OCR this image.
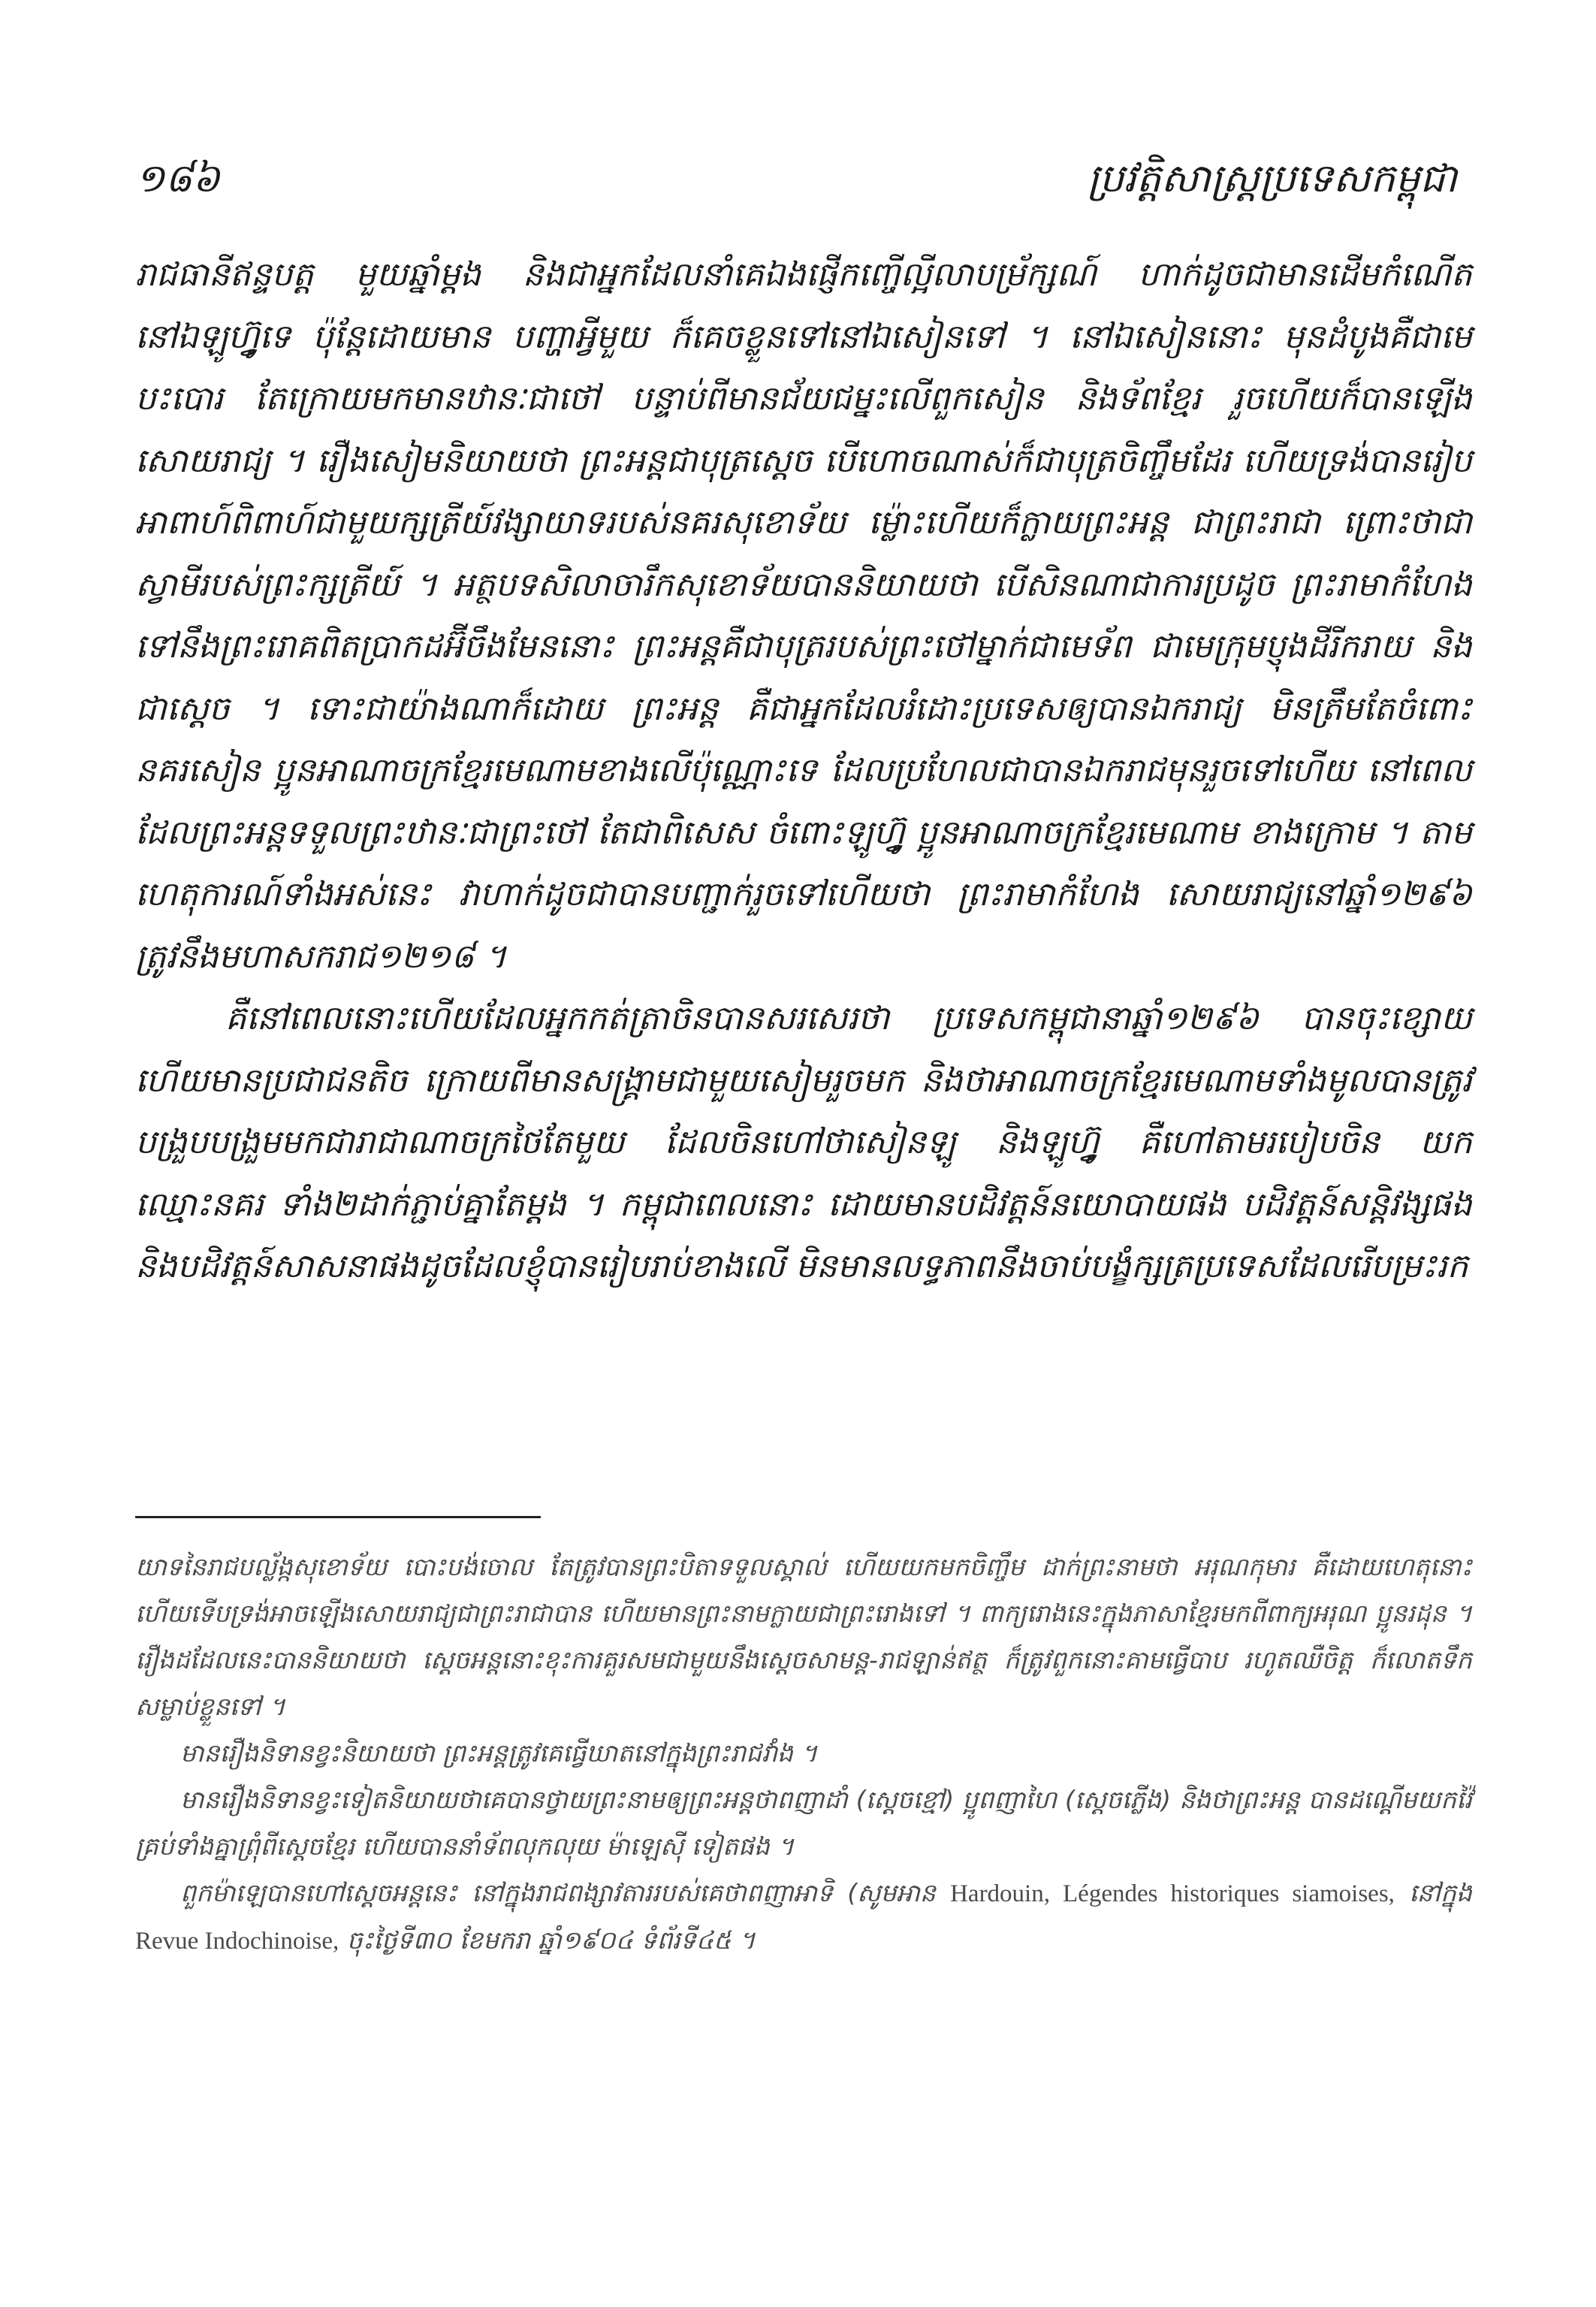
១៨៦	ប្រវត្តិសាស្ត្រប្រទេសកម្ពុជា

រាជធានីឥន្ទបត្ត មួយឆ្នាំម្តង និងជាអ្នកដែលនាំគេឯងផ្ញើកញ្ចើល្អីលាបម្រ័ក្សណ៍ ហាក់ដូចជាមានដើមកំណើតនៅឯឡូហ្វ៊ូទេ ប៉ុន្តែដោយមាន បញ្ហាអ្វីមួយ ក៏គេចខ្លួនទៅនៅឯសៀនទៅ ។ នៅឯសៀននោះ មុនដំបូងគឺជាមេបះបោរ តែក្រោយមកមានឋានៈជាថៅ បន្ទាប់ពីមានជ័យជម្នះលើពួកសៀន និងទ័ពខ្មែរ រួចហើយក៏បានឡើងសោយរាជ្យ ។ រឿងសៀមនិយាយថា ព្រះអន្តជាបុត្រស្តេច បើហោចណាស់ក៏ជាបុត្រចិញ្ចឹមដែរ ហើយទ្រង់បានរៀបអាពាហ៍ពិពាហ៍ជាមួយក្សត្រីយ៍វង្សាយាទរបស់នគរសុខោទ័យ ម្ល៉ោះហើយក៏ក្លាយព្រះអន្ត ជាព្រះរាជា ព្រោះថាជាស្វាមីរបស់ព្រះក្សត្រីយ៍ ។ អត្ថបទសិលាចារឹកសុខោទ័យបាននិយាយថា បើសិនណាជាការប្រដូច ព្រះរាមាកំហែងទៅនឹងព្រះរោគពិតប្រាកដអ៊ីចឹងមែននោះ ព្រះអន្តគឺជាបុត្ររបស់ព្រះថៅម្នាក់ជាមេទ័ព ជាមេក្រុមប្ញុងដីរីករាយ និងជាស្តេច ។ ទោះជាយ៉ាងណាក៏ដោយ ព្រះអន្ត គឺជាអ្នកដែលរំដោះប្រទេសឲ្យបានឯករាជ្យ មិនត្រឹមតែចំពោះនគរសៀន ប្អូនអាណាចក្រខ្មែរមេណាមខាងលើប៉ុណ្ណោះទេ ដែលប្រហែលជាបានឯករាជមុនរួចទៅហើយ នៅពេលដែលព្រះអន្តទទួលព្រះឋានៈជាព្រះថៅ តែជាពិសេស ចំពោះឡូហ្វ៊ូ ប្អូនអាណាចក្រខ្មែរមេណាម ខាងក្រោម ។ តាមហេតុការណ៍ទាំងអស់នេះ វាហាក់ដូចជាបានបញ្ជាក់រួចទៅហើយថា ព្រះរាមាកំហែង សោយរាជ្យនៅឆ្នាំ១២៩៦ ត្រូវនឹងមហាសករាជ១២១៨ ។

គឺនៅពេលនោះហើយដែលអ្នកកត់ត្រាចិនបានសរសេរថា ប្រទេសកម្ពុជានាឆ្នាំ១២៩៦ បានចុះខ្សោយហើយមានប្រជាជនតិច ក្រោយពីមានសង្គ្រាមជាមួយសៀមរួចមក និងថាអាណាចក្រខ្មែរមេណាមទាំងមូលបានត្រូវបង្រួបបង្រួមមកជារាជាណាចក្រថៃតែមួយ ដែលចិនហៅថាសៀនឡូ និងឡូហ្វ៊ូ គឺហៅតាមរបៀបចិន យកឈ្មោះនគរ ទាំង២ដាក់ភ្ជាប់គ្នាតែម្តង ។ កម្ពុជាពេលនោះ ដោយមានបដិវត្តន៍នយោបាយផង បដិវត្តន៍សន្តិវង្សផង និងបដិវត្តន៍សាសនាផងដូចដែលខ្ញុំបានរៀបរាប់ខាងលើ មិនមានលទ្ធភាពនឹងចាប់បង្ខំក្សត្រប្រទេសដែលរើបម្រះរក

យាទនៃរាជបល្ល័ង្កសុខោទ័យ បោះបង់ចោល តែត្រូវបានព្រះបិតាទទួលស្គាល់ ហើយយកមកចិញ្ចឹម ដាក់ព្រះនាមថា អរុណកុមារ គឺដោយហេតុនោះហើយទើបទ្រង់អាចឡើងសោយរាជ្យជាព្រះរាជាបាន ហើយមានព្រះនាមក្លាយជាព្រះរោងទៅ ។ ពាក្យរោងនេះក្នុងភាសាខ្មែរមកពីពាក្យអរុណ ប្អូនរដុន ។ រឿងដដែលនេះបាននិយាយថា ស្តេចអន្តនោះខុះការគួរសមជាមួយនឹងស្តេចសាមន្ត-រាជឡាន់ឥត្ថ ក៏ត្រូវពួកនោះគាមធ្វើបាប រហូតឈឺចិត្ត ក៏លោតទឹកសម្លាប់ខ្លួនទៅ ។

មានរឿងនិទានខ្វះនិយាយថា ព្រះអន្តត្រូវគេធ្វើឃាតនៅក្នុងព្រះរាជវាំង ។

មានរឿងនិទានខ្វះទៀតនិយាយថាគេបានថ្វាយព្រះនាមឲ្យព្រះអន្តថាពញាដាំ (ស្តេចខ្មៅ) ប្អូពញាហៃ (ស្តេចភ្លើង) និងថាព្រះអន្ត បានដណ្តើមយកវ៉ៃគ្រប់ទាំងគ្នាព្រុំពីស្តេចខ្មែរ ហើយបាននាំទ័ពលុកលុយ ម៉ាឡេស៊ី ទៀតផង ។

ពួកម៉ាឡេបានហៅស្តេចអន្តនេះ នៅក្នុងរាជពង្សាវតាររបស់គេថាពញាអាទិ (សូមអាន Hardouin, Légendes historiques siamoises, នៅក្នុង Revue Indochinoise, ចុះថ្ងៃទី៣០ ខែមករា ឆ្នាំ១៩០៤ ទំព័រទី៤៥ ។
